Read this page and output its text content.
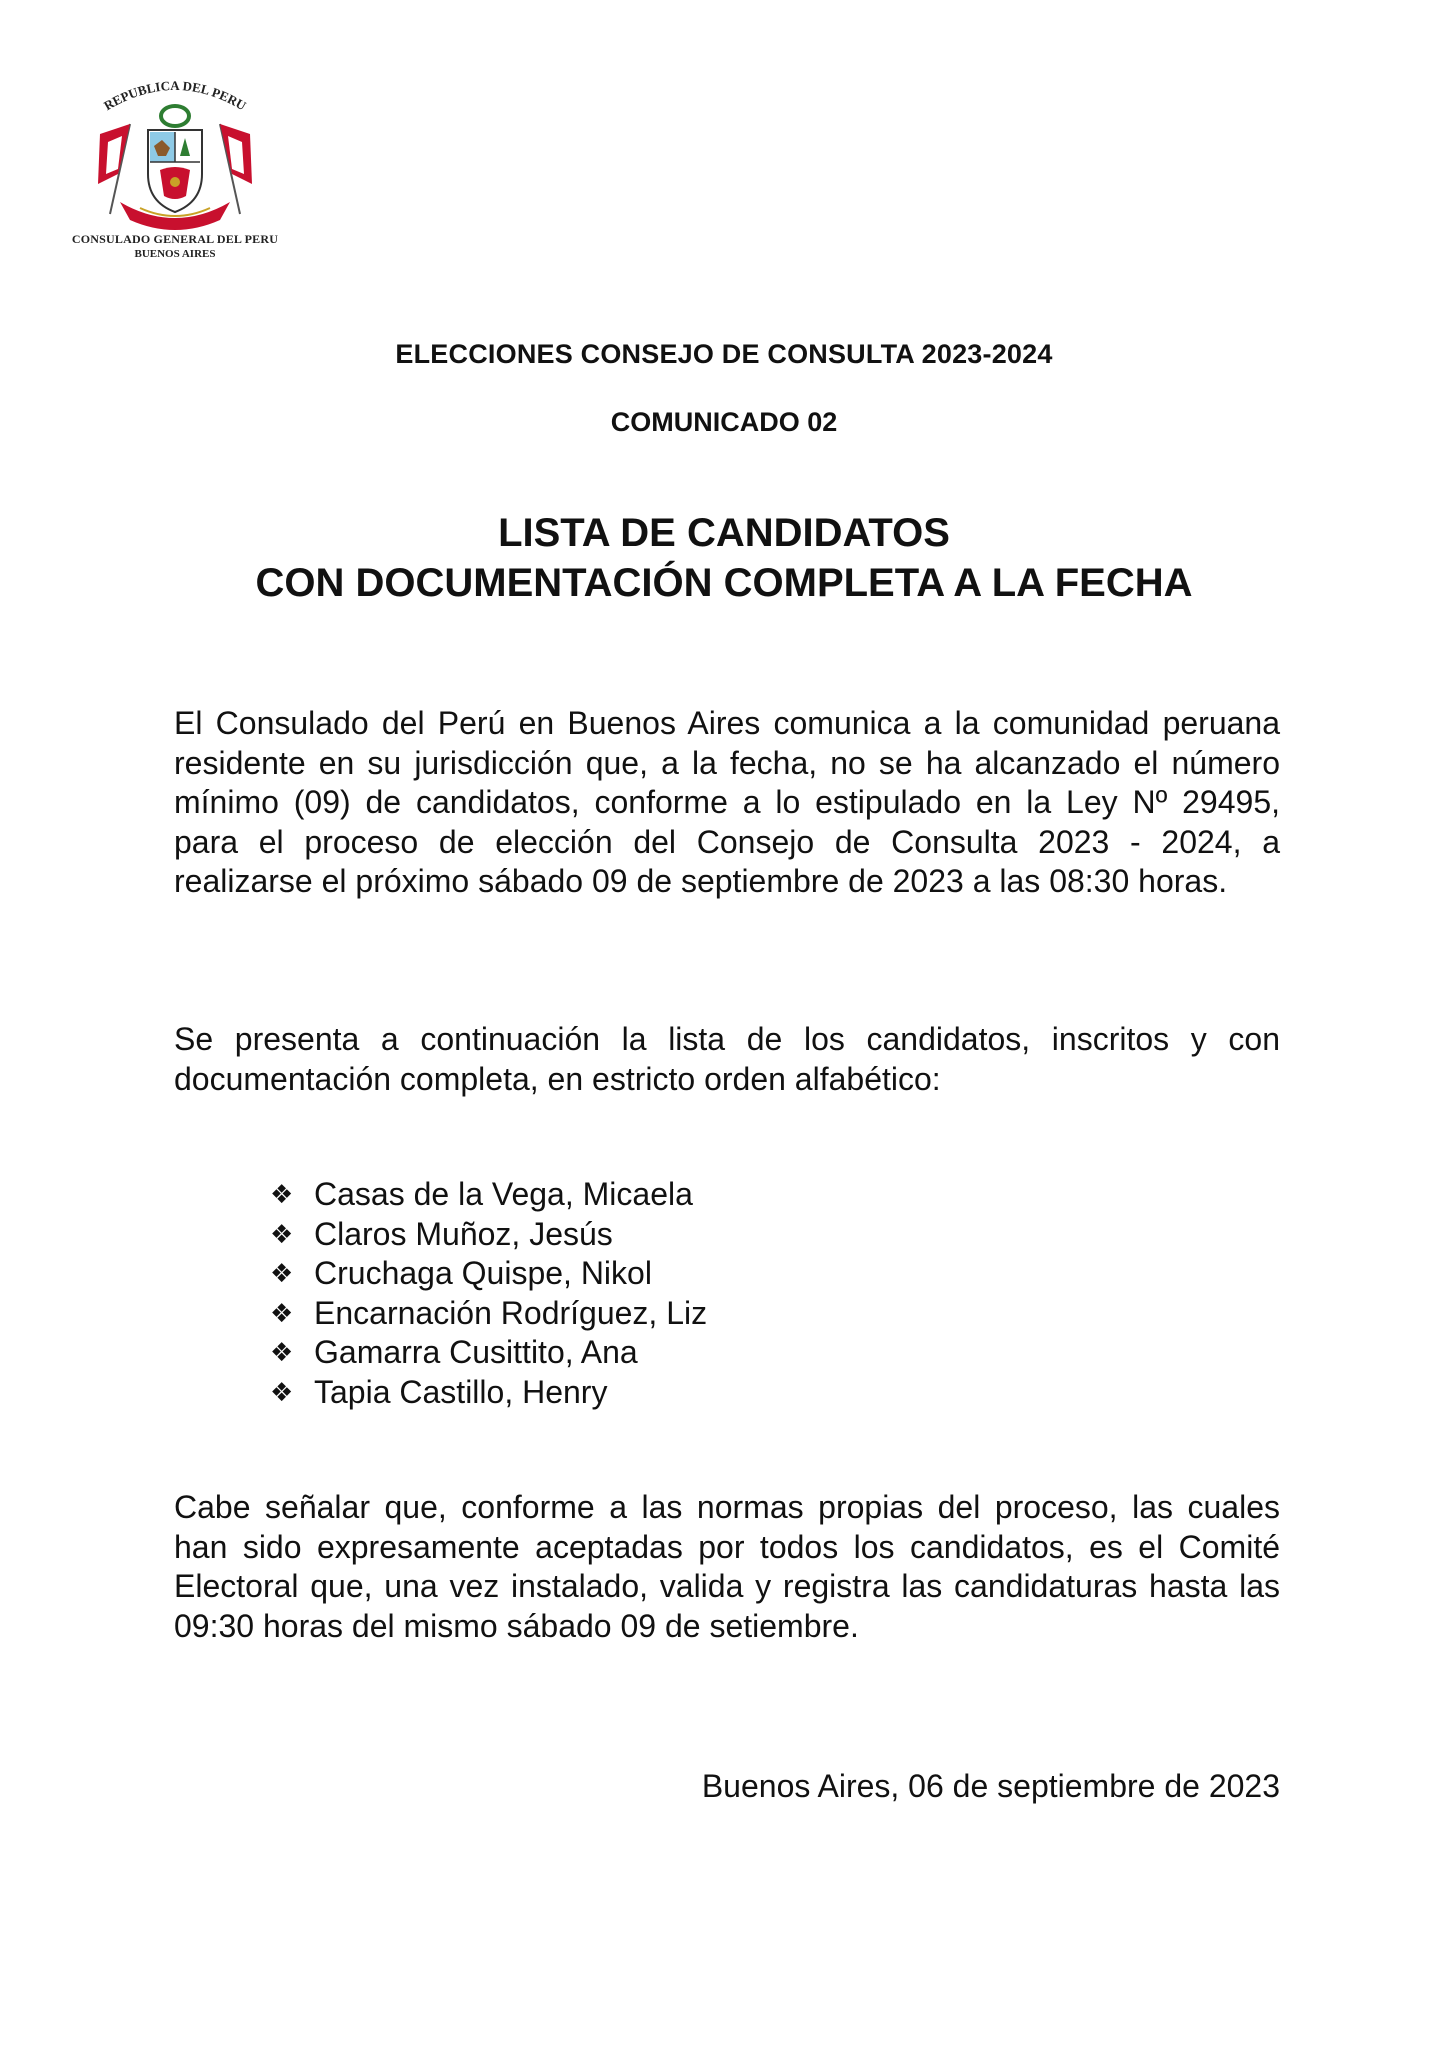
REPUBLICA DEL PERU
CONSULADO GENERAL DEL PERU
BUENOS AIRES
ELECCIONES CONSEJO DE CONSULTA 2023-2024
COMUNICADO 02
LISTA DE CANDIDATOS
CON DOCUMENTACIÓN COMPLETA A LA FECHA

El Consulado del Perú en Buenos Aires comunica a la comunidad peruana residente en su jurisdicción que, a la fecha, no se ha alcanzado el número mínimo (09) de candidatos, conforme a lo estipulado en la Ley Nº 29495, para el proceso de elección del Consejo de Consulta 2023 - 2024, a realizarse el próximo sábado 09 de septiembre de 2023 a las 08:30 horas.

Se presenta a continuación la lista de los candidatos, inscritos y con documentación completa, en estricto orden alfabético:

❖ Casas de la Vega, Micaela
❖ Claros Muñoz, Jesús
❖ Cruchaga Quispe, Nikol
❖ Encarnación Rodríguez, Liz
❖ Gamarra Cusittito, Ana
❖ Tapia Castillo, Henry

Cabe señalar que, conforme a las normas propias del proceso, las cuales han sido expresamente aceptadas por todos los candidatos, es el Comité Electoral que, una vez instalado, valida y registra las candidaturas hasta las 09:30 horas del mismo sábado 09 de setiembre.

Buenos Aires, 06 de septiembre de 2023
